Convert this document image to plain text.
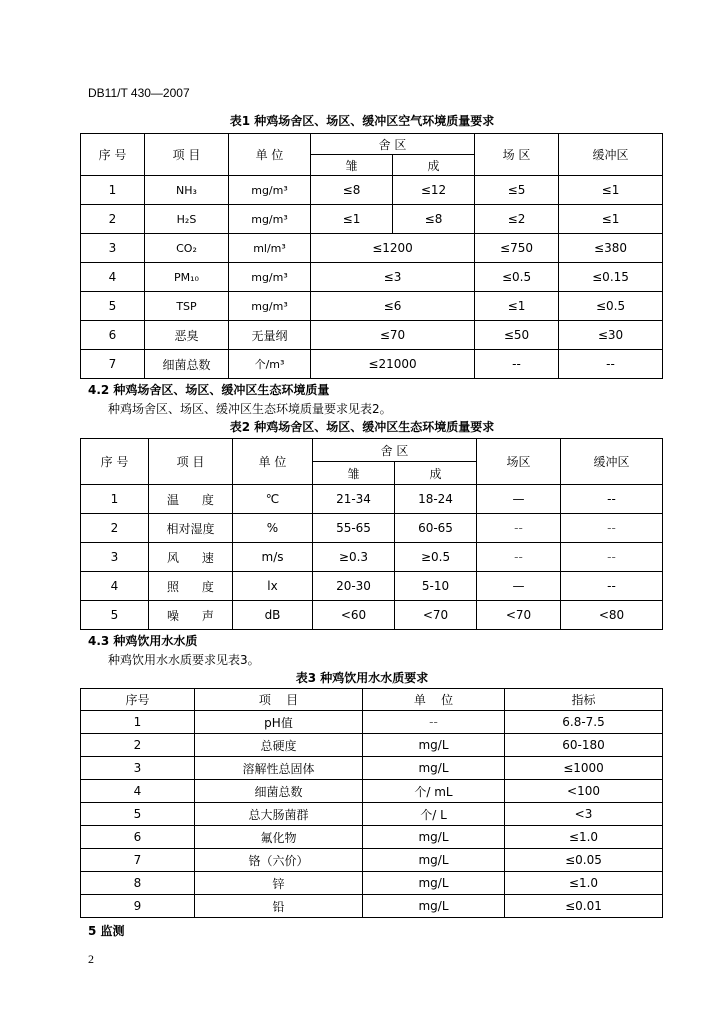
DB11/T 430—2007
表1 种鸡场舍区、场区、缓冲区空气环境质量要求
序 号	项 目	单 位	舍 区		场 区	缓冲区
			雏	成		
1	NH₃	mg/m³	≤8	≤12	≤5	≤1
2	H₂S	mg/m³	≤1	≤8	≤2	≤1
3	CO₂	ml/m³	≤1200		≤750	≤380
4	PM₁₀	mg/m³	≤3		≤0.5	≤0.15
5	TSP	mg/m³	≤6		≤1	≤0.5
6	恶臭	无量纲	≤70		≤50	≤30
7	细菌总数	个/m³	≤21000		--	--
4.2 种鸡场舍区、场区、缓冲区生态环境质量
种鸡场舍区、场区、缓冲区生态环境质量要求见表2。
表2 种鸡场舍区、场区、缓冲区生态环境质量要求
序 号	项 目	单 位	舍 区		场区	缓冲区
			雏	成		
1	温      度	℃	21-34	18-24	—	--
2	相对湿度	%	55-65	60-65	--	--
3	风      速	m/s	≥0.3	≥0.5	--	--
4	照      度	lx	20-30	5-10	—	--
5	噪      声	dB	<60	<70	<70	<80
4.3 种鸡饮用水水质
种鸡饮用水水质要求见表3。
表3 种鸡饮用水水质要求
序号	项    目	单    位	指标
1	pH值	--	6.8-7.5
2	总硬度	mg/L	60-180
3	溶解性总固体	mg/L	≤1000
4	细菌总数	个/ mL	<100
5	总大肠菌群	个/ L	<3
6	氟化物	mg/L	≤1.0
7	铬（六价）	mg/L	≤0.05
8	锌	mg/L	≤1.0
9	铅	mg/L	≤0.01
5 监测
2
